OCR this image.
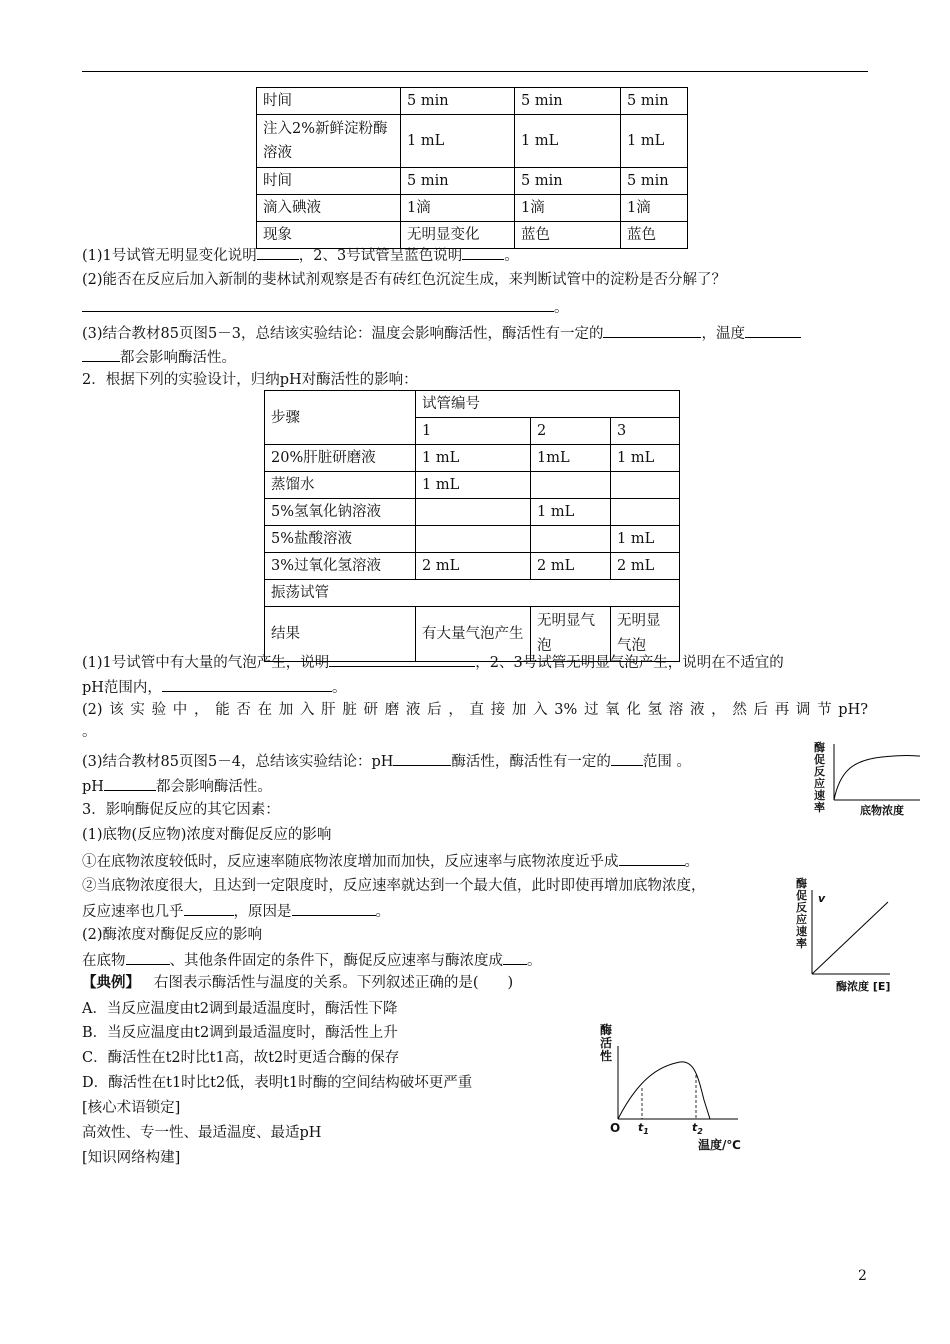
时间	5 min	5 min	5 min
注入2%新鲜淀粉酶溶液	1 mL	1 mL	1 mL
时间	5 min	5 min	5 min
滴入碘液	1滴	1滴	1滴
现象	无明显变化	蓝色	蓝色
(1)1号试管无明显变化说明	，2、3号试管呈蓝色说明	。
(2)能否在反应后加入新制的斐林试剂观察是否有砖红色沉淀生成，来判断试管中的淀粉是否分解了？
。
(3)结合教材85页图5－3，总结该实验结论：温度会影响酶活性，酶活性有一定的	，温度
都会影响酶活性。
2．根据下列的实验设计，归纳pH对酶活性的影响：
步骤	试管编号		
	1	2	3
20%肝脏研磨液	1 mL	1mL	1 mL
蒸馏水	1 mL		
5%氢氧化钠溶液		1 mL	
5%盐酸溶液			1 mL
3%过氧化氢溶液	2 mL	2 mL	2 mL
振荡试管			
结果	有大量气泡产生	无明显气泡	无明显气泡
(1)1号试管中有大量的气泡产生，说明	，2、3号试管无明显气泡产生，说明在不适宜的
pH范围内，	。
(2)该实验中，能否在加入肝脏研磨液后，直接加入3%过氧化氢溶液，然后再调节pH?
。
(3)结合教材85页图5－4，总结该实验结论：pH	酶活性，酶活性有一定的 范围 。
pH	都会影响酶活性。
3．影响酶促反应的其它因素：
(1)底物(反应物)浓度对酶促反应的影响
①在底物浓度较低时，反应速率随底物浓度增加而加快，反应速率与底物浓度近乎成	。
②当底物浓度很大，且达到一定限度时，反应速率就达到一个最大值，此时即使再增加底物浓度，
反应速率也几乎	，原因是	。
(2)酶浓度对酶促反应的影响
在底物	、其他条件固定的条件下，酶促反应速率与酶浓度成 。
【典例】 右图表示酶活性与温度的关系。下列叙述正确的是(　　)
A．当反应温度由t2调到最适温度时，酶活性下降
B．当反应温度由t2调到最适温度时，酶活性上升
C．酶活性在t2时比t1高，故t2时更适合酶的保存
D．酶活性在t1时比t2低，表明t1时酶的空间结构破坏更严重
[核心术语锁定]
高效性、专一性、最适温度、最适pH
[知识网络构建]
酶
促
反
应
速
率	底物浓度
酶
促
反
应
速
率
v
酶浓度 [E]
酶
活
性
O $t_1$	$t_2$
温度/℃
2
